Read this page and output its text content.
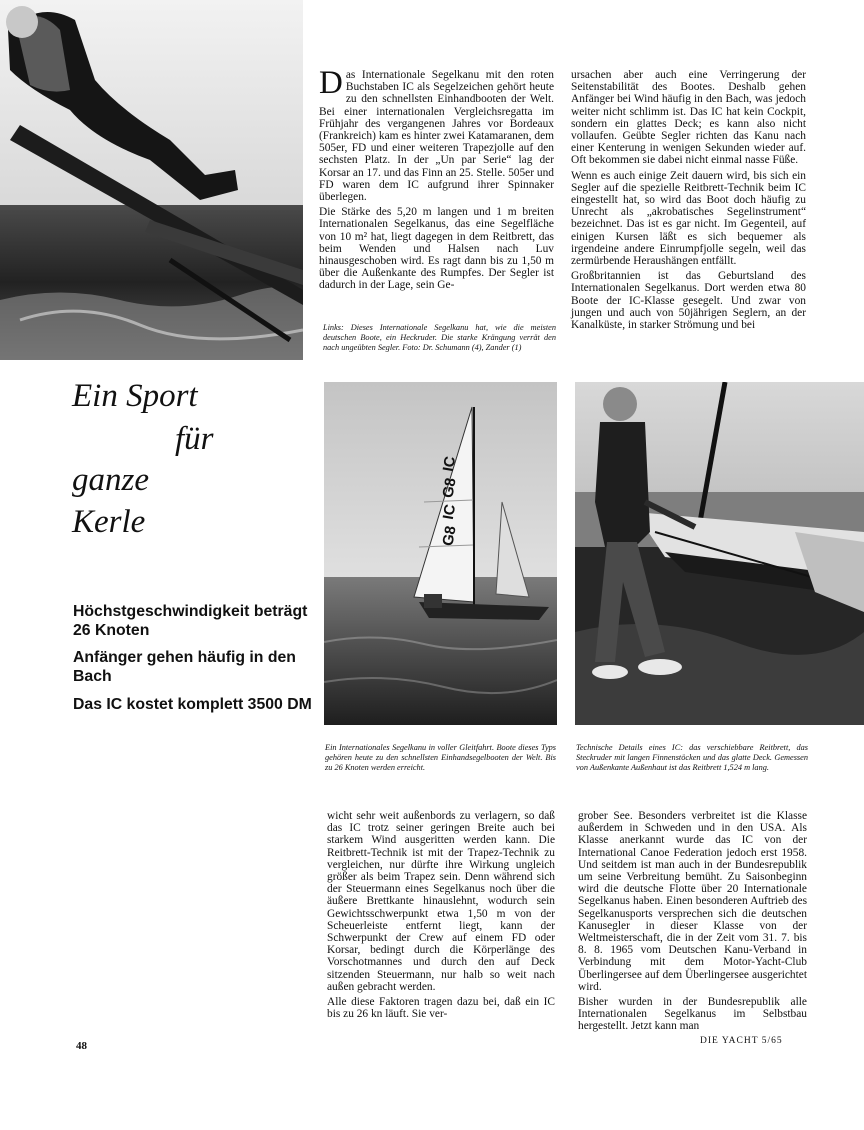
IC
G8
IC
G8

Das Internationale Segelkanu mit den roten Buchstaben IC als Segelzeichen gehört heute zu den schnellsten Einhandbooten der Welt. Bei einer internationalen Vergleichsregatta im Frühjahr des vergangenen Jahres vor Bordeaux (Frankreich) kam es hinter zwei Katamaranen, dem 505er, FD und einer weiteren Trapezjolle auf den sechsten Platz. In der „Un par Serie“ lag der Korsar an 17. und das Finn an 25. Stelle. 505er und FD waren dem IC aufgrund ihrer Spinnaker überlegen.

Die Stärke des 5,20 m langen und 1 m breiten Internationalen Segelkanus, das eine Segelfläche von 10 m² hat, liegt dagegen in dem Reitbrett, das beim Wenden und Halsen nach Luv hinausgeschoben wird. Es ragt dann bis zu 1,50 m über die Außenkante des Rumpfes. Der Segler ist dadurch in der Lage, sein Ge-

ursachen aber auch eine Verringerung der Seitenstabilität des Bootes. Deshalb gehen Anfänger bei Wind häufig in den Bach, was jedoch weiter nicht schlimm ist. Das IC hat kein Cockpit, sondern ein glattes Deck; es kann also nicht vollaufen. Geübte Segler richten das Kanu nach einer Kenterung in wenigen Sekunden wieder auf. Oft bekommen sie dabei nicht einmal nasse Füße.

Wenn es auch einige Zeit dauern wird, bis sich ein Segler auf die spezielle Reitbrett-Technik beim IC eingestellt hat, so wird das Boot doch häufig zu Unrecht als „akrobatisches Segelinstrument“ bezeichnet. Das ist es gar nicht. Im Gegenteil, auf einigen Kursen läßt es sich bequemer als irgendeine andere Einrumpfjolle segeln, weil das zermürbende Heraushängen entfällt.

Großbritannien ist das Geburtsland des Internationalen Segelkanus. Dort werden etwa 80 Boote der IC-Klasse gesegelt. Und zwar von jungen und auch von 50jährigen Seglern, an der Kanalküste, in starker Strömung und bei

Links: Dieses Internationale Segelkanu hat, wie die meisten deutschen Boote, ein Heckruder. Die starke Krängung verrät den nach ungeübten Segler. Foto: Dr. Schumann (4), Zander (1)
Ein Sport
für
ganze
Kerle
Höchstgeschwindigkeit beträgt 26 Knoten
Anfänger gehen häufig in den Bach
Das IC kostet komplett 3500 DM
Ein Internationales Segelkanu in voller Gleitfahrt. Boote dieses Typs gehören heute zu den schnellsten Einhandsegelbooten der Welt. Bis zu 26 Knoten werden erreicht.
Technische Details eines IC: das verschiebbare Reitbrett, das Steckruder mit langen Finnenstöcken und das glatte Deck. Gemessen von Außenkante Außenhaut ist das Reitbrett 1,524 m lang.

wicht sehr weit außenbords zu verlagern, so daß das IC trotz seiner geringen Breite auch bei starkem Wind ausgeritten werden kann. Die Reitbrett-Technik ist mit der Trapez-Technik zu vergleichen, nur dürfte ihre Wirkung ungleich größer als beim Trapez sein. Denn während sich der Steuermann eines Segelkanus noch über die äußere Brettkante hinauslehnt, wodurch sein Gewichtsschwerpunkt etwa 1,50 m von der Scheuerleiste entfernt liegt, kann der Schwerpunkt der Crew auf einem FD oder Korsar, bedingt durch die Körperlänge des Vorschotmannes und durch den auf Deck sitzenden Steuermann, nur halb so weit nach außen gebracht werden.

Alle diese Faktoren tragen dazu bei, daß ein IC bis zu 26 kn läuft. Sie ver-

grober See. Besonders verbreitet ist die Klasse außerdem in Schweden und in den USA. Als Klasse anerkannt wurde das IC von der International Canoe Federation jedoch erst 1958. Und seitdem ist man auch in der Bundesrepublik um seine Verbreitung bemüht. Zu Saisonbeginn wird die deutsche Flotte über 20 Internationale Segelkanus haben. Einen besonderen Auftrieb des Segelkanusports versprechen sich die deutschen Kanusegler in dieser Klasse von der Weltmeisterschaft, die in der Zeit vom 31. 7. bis 8. 8. 1965 vom Deutschen Kanu-Verband in Verbindung mit dem Motor-Yacht-Club Überlingersee auf dem Überlingersee ausgerichtet wird.

Bisher wurden in der Bundesrepublik alle Internationalen Segelkanus im Selbstbau hergestellt. Jetzt kann man

48	DIE YACHT 5/65
